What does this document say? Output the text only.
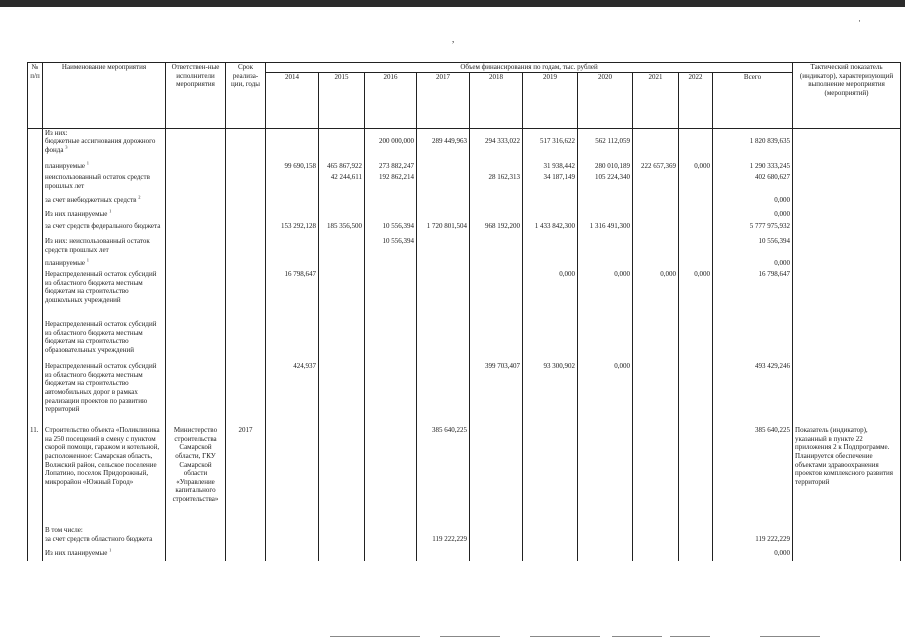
,
·
№ п/п	Наименование мероприятия	Ответствен-ные исполнители мероприятия	Срок реализа-ции, годы	Объем финансирования по годам, тыс. рублей										Тактический показатель (индикатор), характеризующий выполнение мероприятия (мероприятий)
				2014	2015	2016	2017	2018	2019	2020	2021	2022	Всего	
	Из них:													
	бюджетные ассигнования дорожного фонда $^3$					200 000,000	289 449,963	294 333,022	517 316,622	562 112,059			1 820 839,635	
	планируемые $^1$			99 690,158	465 867,922	273 882,247			31 938,442	280 010,189	222 657,369	0,000	1 290 333,245	
	неиспользованный остаток средств прошлых лет				42 244,611	192 862,214		28 162,313	34 187,149	105 224,340			402 680,627	
	за счет внебюджетных средств $^2$												0,000	
	Из них планируемые $^1$												0,000	
	за счет средств федерального бюджета			153 292,128	185 356,500	10 556,394	1 720 801,504	968 192,200	1 433 842,300	1 316 491,300			5 777 975,932	
	Из них: неиспользованный остаток средств прошлых лет					10 556,394							10 556,394	
	планируемые $^1$												0,000	
	Нераспределенный остаток субсидий из областного бюджета местным бюджетам на строительство дошкольных учреждений			16 798,647					0,000	0,000	0,000	0,000	16 798,647	
	Нераспределенный остаток субсидий из областного бюджета местным бюджетам на строительство образовательных учреждений													
	Нераспределенный остаток субсидий из областного бюджета местным бюджетам на строительство автомобильных дорог в рамках реализации проектов по развитию территорий			424,937				399 703,407	93 300,902	0,000			493 429,246	
11.	Строительство объекта «Поликлиника на 250 посещений в смену с пунктом скорой помощи, гаражом и котельной, расположенное: Самарская область, Волжский район, сельское поселение Лопатино, поселок Придорожный, микрорайон «Южный Город»	Министерство строительства Самарской области, ГКУ Самарской области «Управление капитального строительства»	2017				385 640,225						385 640,225	Показатель (индикатор), указанный в пункте 22 приложения 2 к Подпрограмме. Планируется обеспечение объектами здравоохранения проектов комплексного развития территорий
	В том числе:													
	за счет средств областного бюджета						119 222,229						119 222,229	
	Из них планируемые $^1$												0,000	
